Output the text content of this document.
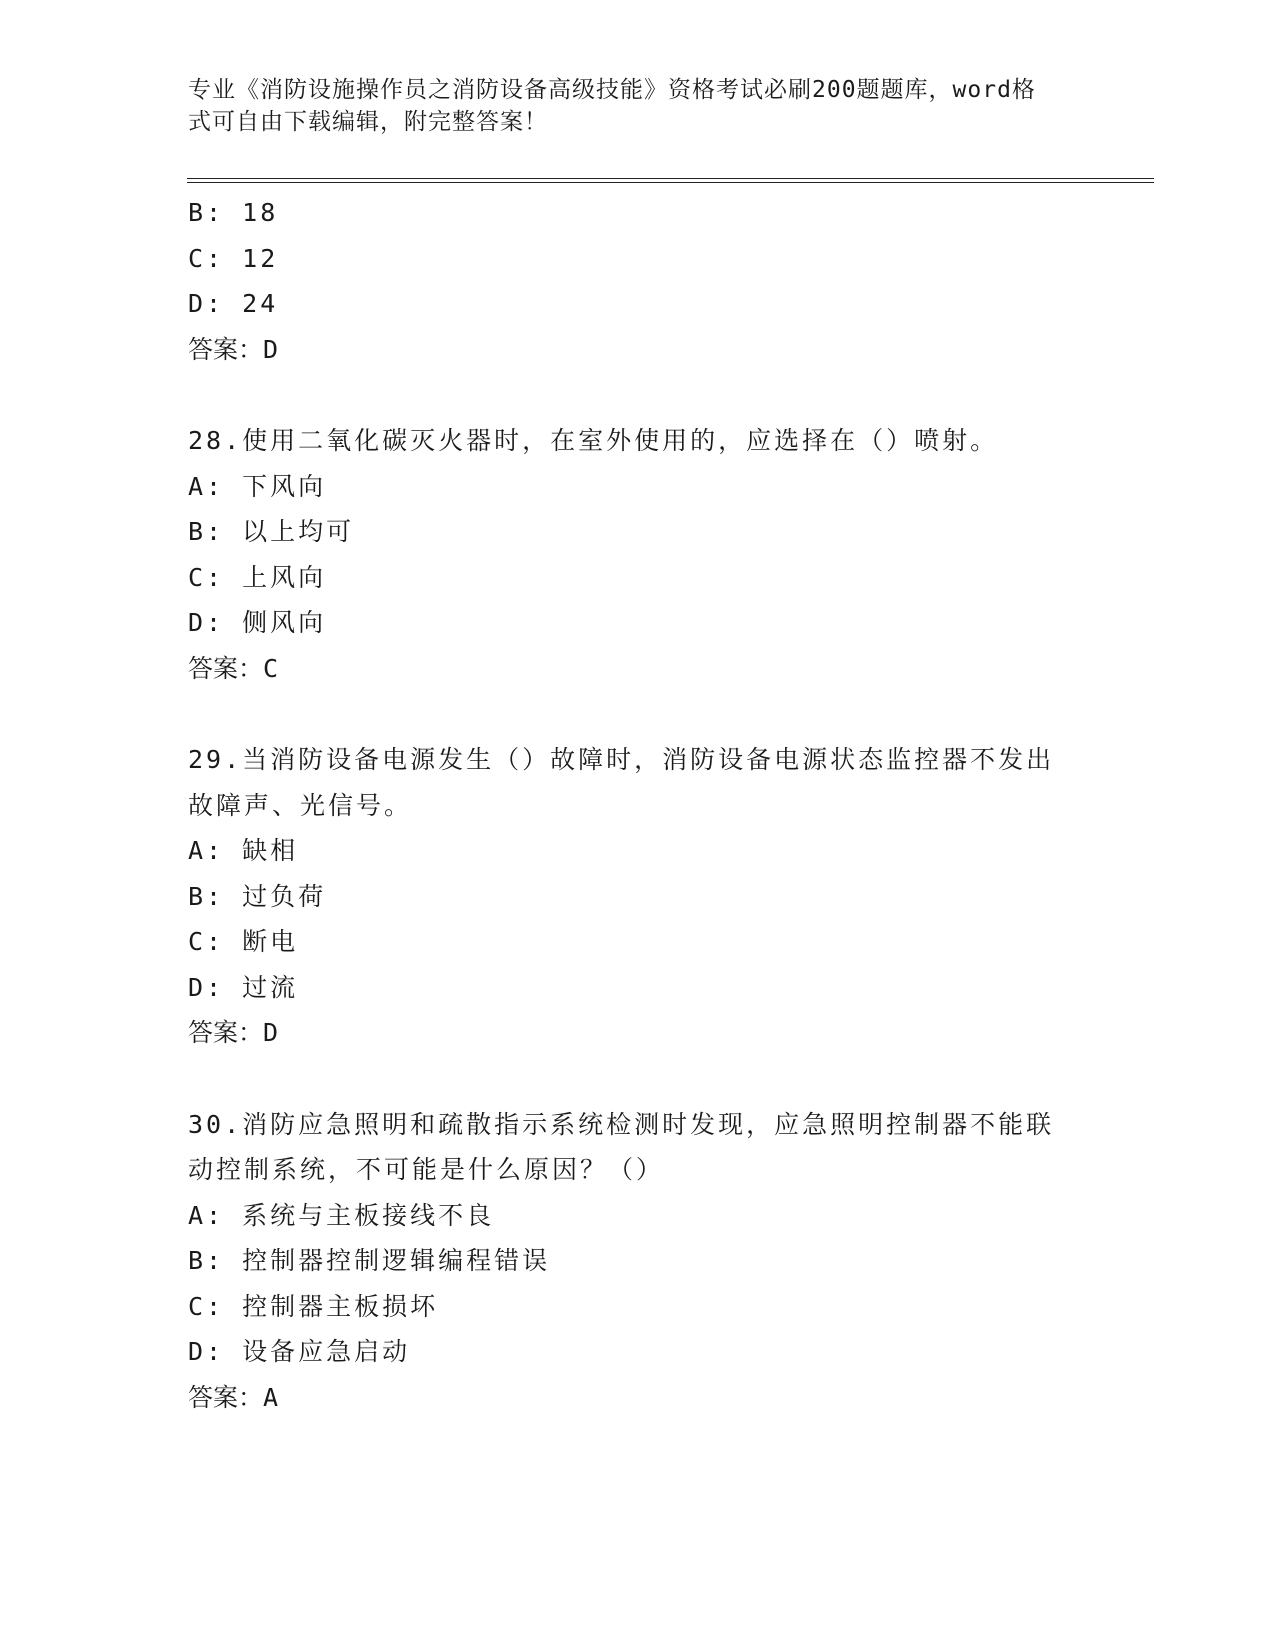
专业《消防设施操作员之消防设备高级技能》资格考试必刷200题题库，word格
式可自由下载编辑，附完整答案！
B: 18
C: 12
D: 24
答案：D
28.使用二氧化碳灭火器时，在室外使用的，应选择在（）喷射。
A: 下风向
B: 以上均可
C: 上风向
D: 侧风向
答案：C
29.当消防设备电源发生（）故障时，消防设备电源状态监控器不发出
故障声、光信号。
A: 缺相
B: 过负荷
C: 断电
D: 过流
答案：D
30.消防应急照明和疏散指示系统检测时发现，应急照明控制器不能联
动控制系统，不可能是什么原因？（）
A: 系统与主板接线不良
B: 控制器控制逻辑编程错误
C: 控制器主板损坏
D: 设备应急启动
答案：A
